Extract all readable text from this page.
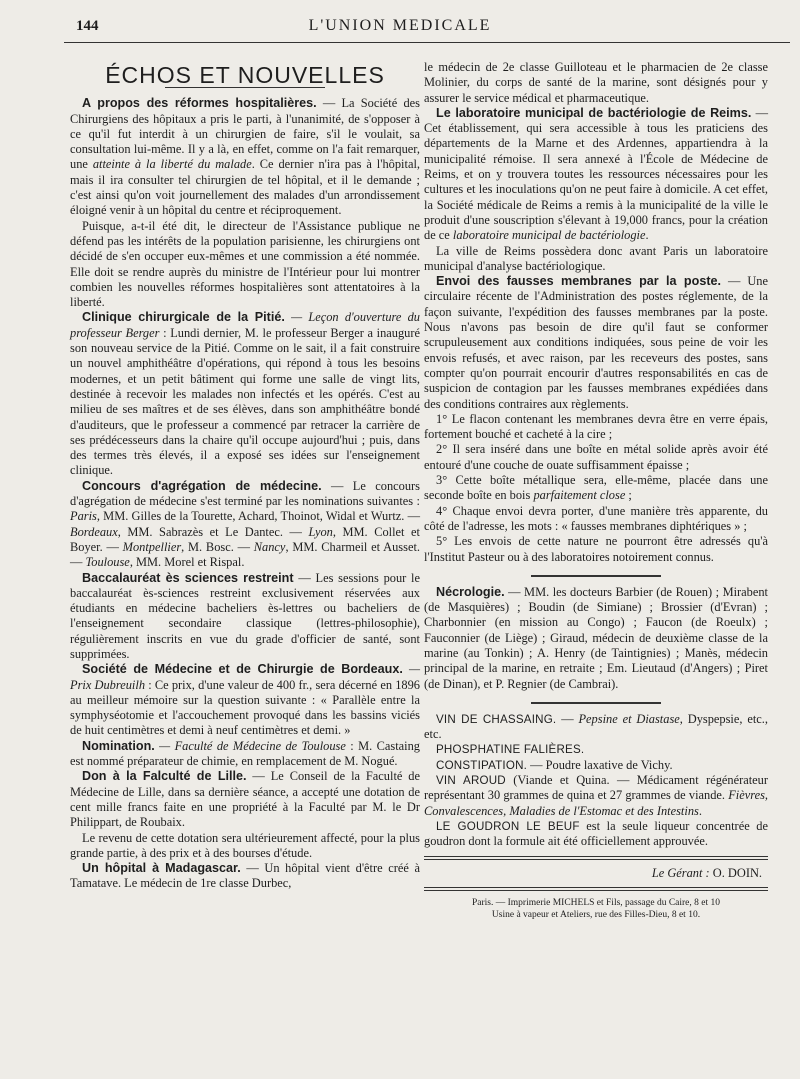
144	L'UNION MEDICALE
ÉCHOS ET NOUVELLES

A propos des réformes hospitalières. — La Société des Chirurgiens des hôpitaux a pris le parti, à l'unanimité, de s'opposer à ce qu'il fut interdit à un chirurgien de faire, s'il le voulait, sa consultation lui-même. Il y a là, en effet, comme on l'a fait remarquer, une atteinte à la liberté du malade. Ce dernier n'ira pas à l'hôpital, mais il ira consulter tel chirurgien de tel hôpital, et il le demande ; c'est ainsi qu'on voit journellement des malades d'un arrondissement éloigné venir à un hôpital du centre et réciproquement.

Puisque, a-t-il été dit, le directeur de l'Assistance publique ne défend pas les intérêts de la population parisienne, les chirurgiens ont décidé de s'en occuper eux-mêmes et une commission a été nommée. Elle doit se rendre auprès du ministre de l'Intérieur pour lui montrer combien les nouvelles réformes hospitalières sont attentatoires à la liberté.

Clinique chirurgicale de la Pitié. — Leçon d'ouverture du professeur Berger : Lundi dernier, M. le professeur Berger a inauguré son nouveau service de la Pitié. Comme on le sait, il a fait construire un nouvel amphithéâtre d'opérations, qui répond à tous les besoins modernes, et un petit bâtiment qui forme une salle de vingt lits, destinée à recevoir les malades non infectés et les opérés. C'est au milieu de ses maîtres et de ses élèves, dans son amphithéâtre bondé d'auditeurs, que le professeur a commencé par retracer la carrière de ses prédécesseurs dans la chaire qu'il occupe aujourd'hui ; puis, dans des termes très élevés, il a exposé ses idées sur l'enseignement clinique.

Concours d'agrégation de médecine. — Le concours d'agrégation de médecine s'est terminé par les nominations suivantes : Paris, MM. Gilles de la Tourette, Achard, Thoinot, Widal et Wurtz. — Bordeaux, MM. Sabrazès et Le Dantec. — Lyon, MM. Collet et Boyer. — Montpellier, M. Bosc. — Nancy, MM. Charmeil et Ausset. — Toulouse, MM. Morel et Rispal.

Baccalauréat ès sciences restreint — Les sessions pour le baccalauréat ès-sciences restreint exclusivement réservées aux étudiants en médecine bacheliers ès-lettres ou bacheliers de l'enseignement secondaire classique (lettres-philosophie), régulièrement inscrits en vue du grade d'officier de santé, sont supprimées.

Société de Médecine et de Chirurgie de Bordeaux. — Prix Dubreuilh : Ce prix, d'une valeur de 400 fr., sera décerné en 1896 au meilleur mémoire sur la question suivante : « Parallèle entre la symphyséotomie et l'accouchement provoqué dans les bassins viciés de huit centimètres et demi à neuf centimètres et demi. »

Nomination. — Faculté de Médecine de Toulouse : M. Castaing est nommé préparateur de chimie, en remplacement de M. Nogué.

Don à la Falculté de Lille. — Le Conseil de la Faculté de Médecine de Lille, dans sa dernière séance, a accepté une dotation de cent mille francs faite en une propriété à la Faculté par M. le Dr Philippart, de Roubaix.

Le revenu de cette dotation sera ultérieurement affecté, pour la plus grande partie, à des prix et à des bourses d'étude.

Un hôpital à Madagascar. — Un hôpital vient d'être créé à Tamatave. Le médecin de 1re classe Durbec,

le médecin de 2e classe Guilloteau et le pharmacien de 2e classe Molinier, du corps de santé de la marine, sont désignés pour y assurer le service médical et pharmaceutique.

Le laboratoire municipal de bactériologie de Reims. — Cet établissement, qui sera accessible à tous les praticiens des départements de la Marne et des Ardennes, appartiendra à la municipalité rémoise. Il sera annexé à l'École de Médecine de Reims, et on y trouvera toutes les ressources nécessaires pour les cultures et les inoculations qu'on ne peut faire à domicile. A cet effet, la Société médicale de Reims a remis à la municipalité de la ville le produit d'une souscription s'élevant à 19,000 francs, pour la création de ce laboratoire municipal de bactériologie.

La ville de Reims possèdera donc avant Paris un laboratoire municipal d'analyse bactériologique.

Envoi des fausses membranes par la poste. — Une circulaire récente de l'Administration des postes réglemente, de la façon suivante, l'expédition des fausses membranes par la poste. Nous n'avons pas besoin de dire qu'il faut se conformer scrupuleusement aux conditions indiquées, sous peine de voir les envois refusés, et avec raison, par les receveurs des postes, sans compter qu'on pourrait encourir d'autres responsabilités en cas de suspicion de contagion par les fausses membranes expédiées dans des conditions contraires aux règlements.

1° Le flacon contenant les membranes devra être en verre épais, fortement bouché et cacheté à la cire ;

2° Il sera inséré dans une boîte en métal solide après avoir été entouré d'une couche de ouate suffisamment épaisse ;

3° Cette boîte métallique sera, elle-même, placée dans une seconde boîte en bois parfaitement close ;

4° Chaque envoi devra porter, d'une manière très apparente, du côté de l'adresse, les mots : « fausses membranes diphtériques » ;

5° Les envois de cette nature ne pourront être adressés qu'à l'Institut Pasteur ou à des laboratoires notoirement connus.

Nécrologie. — MM. les docteurs Barbier (de Rouen) ; Mirabent (de Masquières) ; Boudin (de Simiane) ; Brossier (d'Evran) ; Charbonnier (en mission au Congo) ; Faucon (de Roeulx) ; Fauconnier (de Liège) ; Giraud, médecin de deuxième classe de la marine (au Tonkin) ; A. Henry (de Taintignies) ; Manès, médecin principal de la marine, en retraite ; Em. Lieutaud (d'Angers) ; Piret (de Dinan), et P. Regnier (de Cambrai).

VIN DE CHASSAING. — Pepsine et Diastase, Dyspepsie, etc., etc.

PHOSPHATINE FALIÈRES.

CONSTIPATION. — Poudre laxative de Vichy.

VIN AROUD (Viande et Quina. — Médicament régénérateur représentant 30 grammes de quina et 27 grammes de viande. Fièvres, Convalescences, Maladies de l'Estomac et des Intestins.

LE GOUDRON LE BEUF est la seule liqueur concentrée de goudron dont la formule ait été officiellement approuvée.

Le Gérant : O. DOIN.
Paris. — Imprimerie MICHELS et Fils, passage du Caire, 8 et 10
Usine à vapeur et Ateliers, rue des Filles-Dieu, 8 et 10.
